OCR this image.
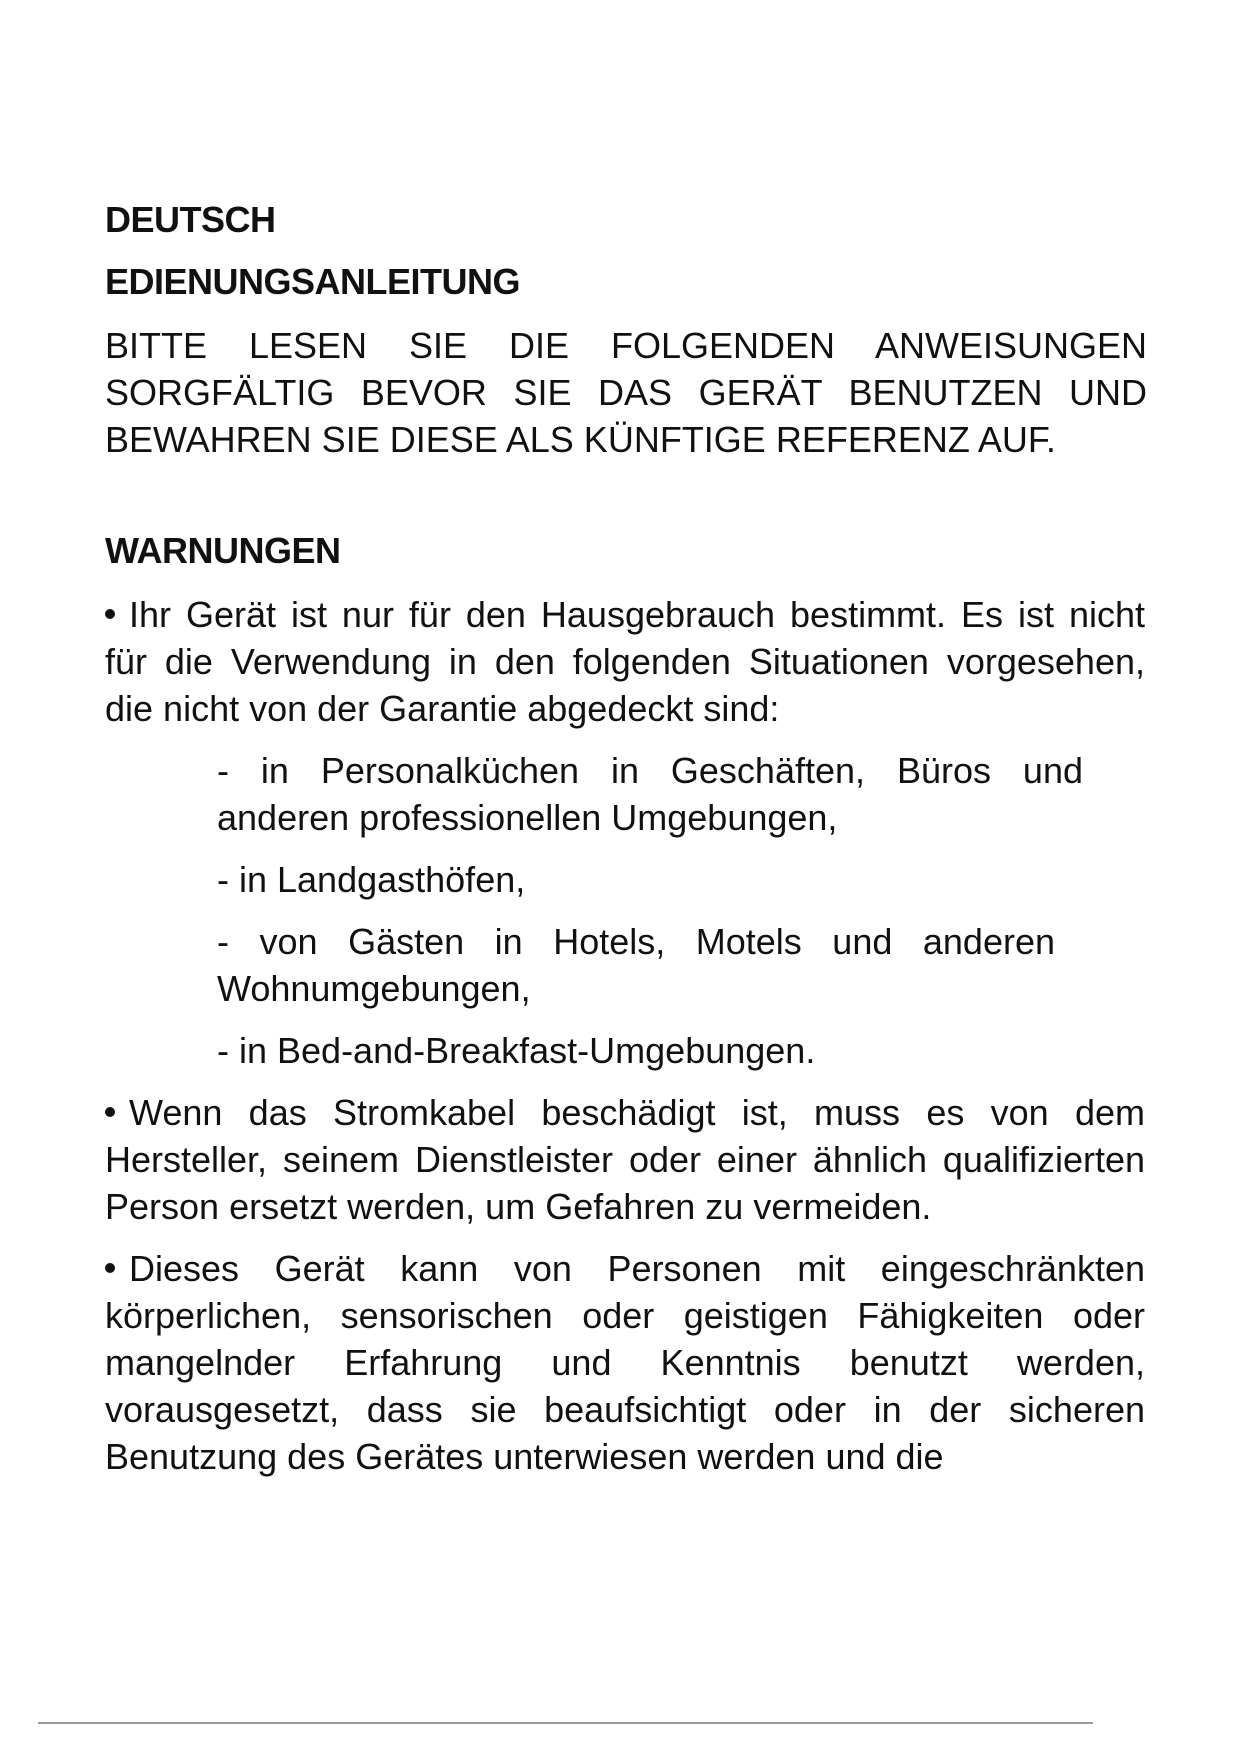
DEUTSCH
EDIENUNGSANLEITUNG

BITTE LESEN SIE DIE FOLGENDEN ANWEISUNGEN SORGFÄLTIG BEVOR SIE DAS GERÄT BENUTZEN UND BEWAHREN SIE DIESE ALS KÜNFTIGE REFERENZ AUF.

WARNUNGEN

Ihr Gerät ist nur für den Hausgebrauch bestimmt. Es ist nicht für die Verwendung in den folgenden Situationen vorgesehen, die nicht von der Garantie abgedeckt sind:

- in Personalküchen in Geschäften, Büros und anderen professionellen Umgebungen,

- in Landgasthöfen,

- von Gästen in Hotels, Motels und anderen Wohnumgebungen,

- in Bed-and-Breakfast-Umgebungen.

Wenn das Stromkabel beschädigt ist, muss es von dem Hersteller, seinem Dienstleister oder einer ähnlich qualifizierten Person ersetzt werden, um Gefahren zu vermeiden.

Dieses Gerät kann von Personen mit eingeschränkten körperlichen, sensorischen oder geistigen Fähigkeiten oder mangelnder Erfahrung und Kenntnis benutzt werden, vorausgesetzt, dass sie beaufsichtigt oder in der sicheren Benutzung des Gerätes unterwiesen werden und die
